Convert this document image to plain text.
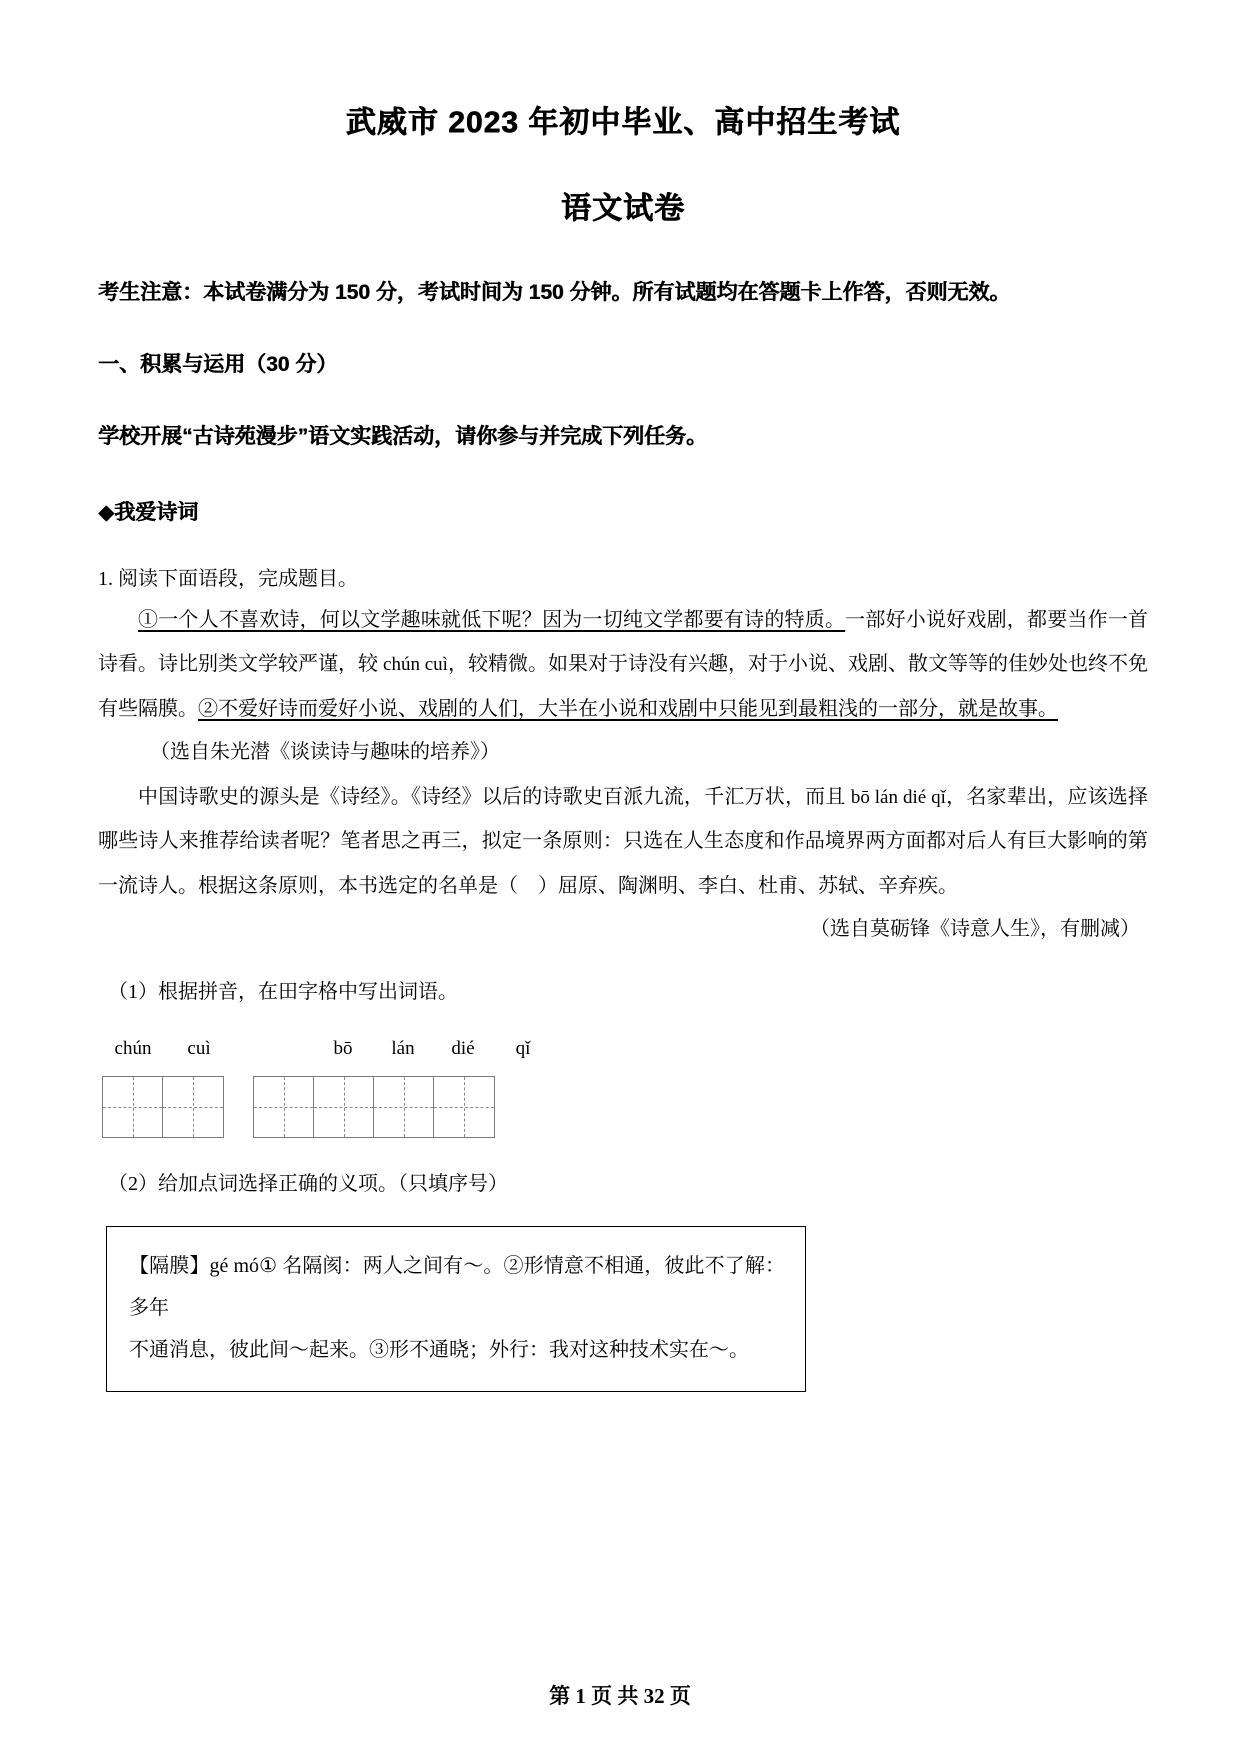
武威市 2023 年初中毕业、高中招生考试
语文试卷

考生注意：本试卷满分为 150 分，考试时间为 150 分钟。所有试题均在答题卡上作答，否则无效。

一、积累与运用（30 分）

学校开展“古诗苑漫步”语文实践活动，请你参与并完成下列任务。

◆我爱诗词

1. 阅读下面语段，完成题目。

①一个人不喜欢诗，何以文学趣味就低下呢？因为一切纯文学都要有诗的特质。一部好小说好戏剧，都要当作一首诗看。诗比别类文学较严谨，较 chún cuì，较精微。如果对于诗没有兴趣，对于小说、戏剧、散文等等的佳妙处也终不免有些隔膜。②不爱好诗而爱好小说、戏剧的人们，大半在小说和戏剧中只能见到最粗浅的一部分，就是故事。

（选自朱光潜《谈读诗与趣味的培养》）

中国诗歌史的源头是《诗经》。《诗经》以后的诗歌史百派九流，千汇万状，而且 bō lán dié qǐ，名家辈出，应该选择哪些诗人来推荐给读者呢？笔者思之再三，拟定一条原则：只选在人生态度和作品境界两方面都对后人有巨大影响的第一流诗人。根据这条原则，本书选定的名单是（　）屈原、陶渊明、李白、杜甫、苏轼、辛弃疾。

（选自莫砺锋《诗意人生》，有删减）

（1）根据拼音，在田字格中写出词语。

chún	cuì	bō	lán	dié	qǐ

（2）给加点词选择正确的义项。（只填序号）

【隔膜】gé mó① 名隔阂：两人之间有～。②形情意不相通，彼此不了解：多年

不通消息，彼此间～起来。③形不通晓；外行：我对这种技术实在～。

第 1 页 共 32 页
